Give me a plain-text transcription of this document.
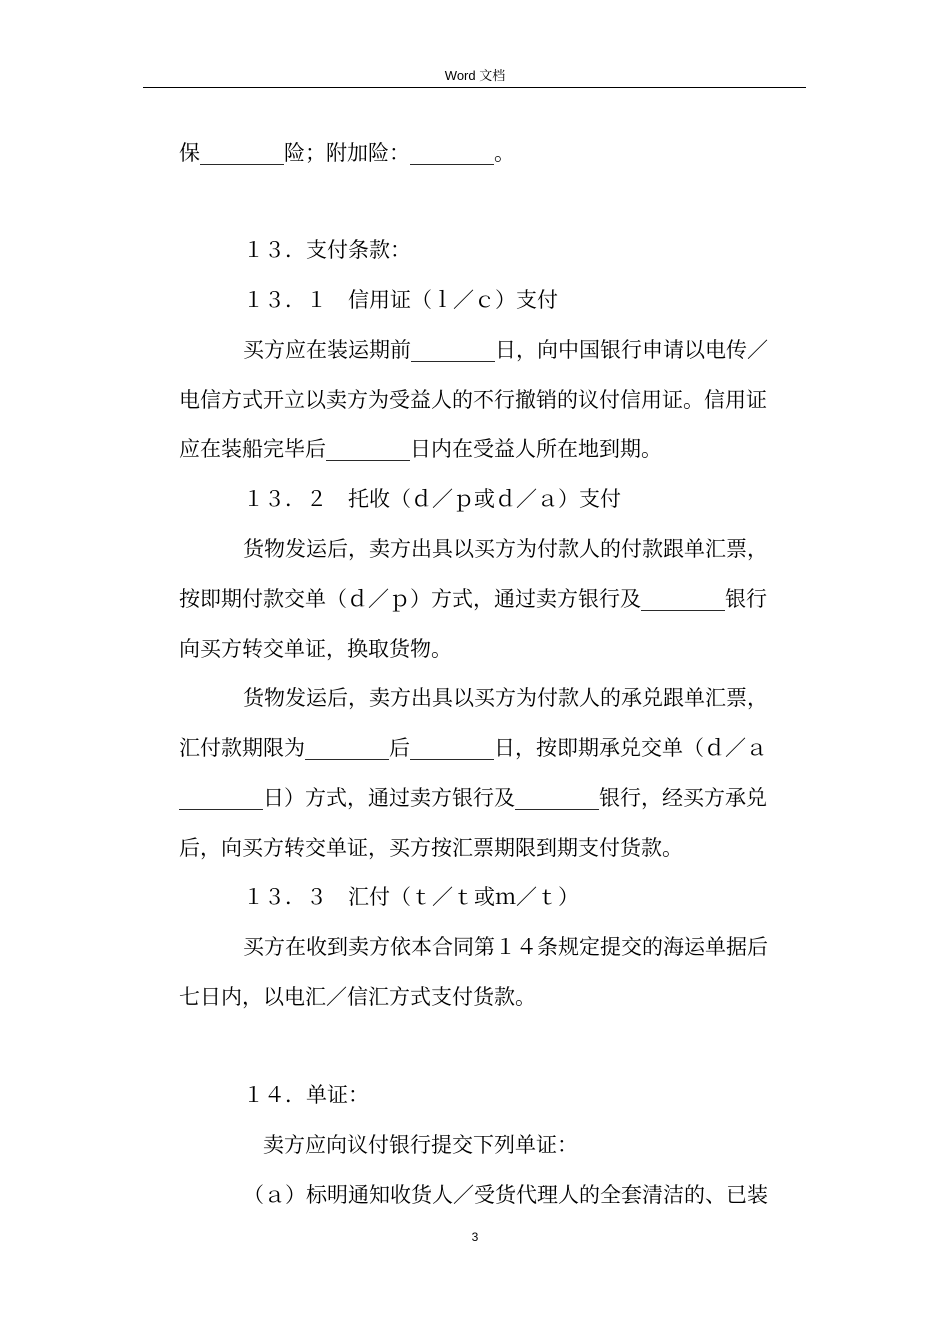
Word 文档
保________险；附加险：________。
１３．支付条款：
１３．１　信用证（ｌ／ｃ）支付
买方应在装运期前________日，向中国银行申请以电传／
电信方式开立以卖方为受益人的不行撤销的议付信用证。信用证
应在装船完毕后________日内在受益人所在地到期。
１３．２　托收（ｄ／ｐ或ｄ／ａ）支付
货物发运后，卖方出具以买方为付款人的付款跟单汇票，
按即期付款交单（ｄ／ｐ）方式，通过卖方银行及________银行
向买方转交单证，换取货物。
货物发运后，卖方出具以买方为付款人的承兑跟单汇票，
汇付款期限为________后________日，按即期承兑交单（ｄ／ａ
________日）方式，通过卖方银行及________银行，经买方承兑
后，向买方转交单证，买方按汇票期限到期支付货款。
１３．３　汇付（ｔ／ｔ或ｍ／ｔ）
买方在收到卖方依本合同第１４条规定提交的海运单据后
七日内，以电汇／信汇方式支付货款。
１４．单证：
卖方应向议付银行提交下列单证：
（ａ）标明通知收货人／受货代理人的全套清洁的、已装
3
